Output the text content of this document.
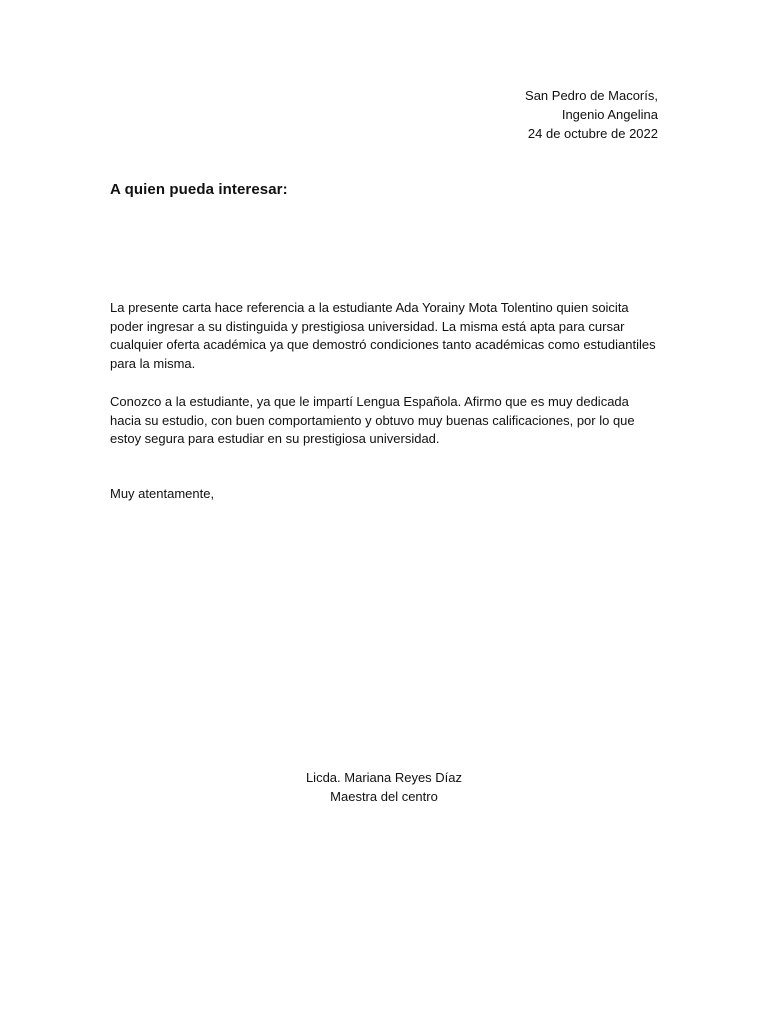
San Pedro de Macorís,
Ingenio Angelina
24 de octubre de 2022
A quien pueda interesar:

La presente carta hace referencia a la estudiante Ada Yorainy Mota Tolentino quien soicita poder ingresar a su distinguida y prestigiosa universidad. La misma está apta para cursar cualquier oferta académica ya que demostró condiciones tanto académicas como estudiantiles para la misma.

Conozco a la estudiante, ya que le impartí Lengua Española. Afirmo que es muy dedicada hacia su estudio, con buen comportamiento y obtuvo muy buenas calificaciones, por lo que estoy segura para estudiar en su prestigiosa universidad.

Muy atentamente,
Licda. Mariana Reyes Díaz
Maestra del centro
